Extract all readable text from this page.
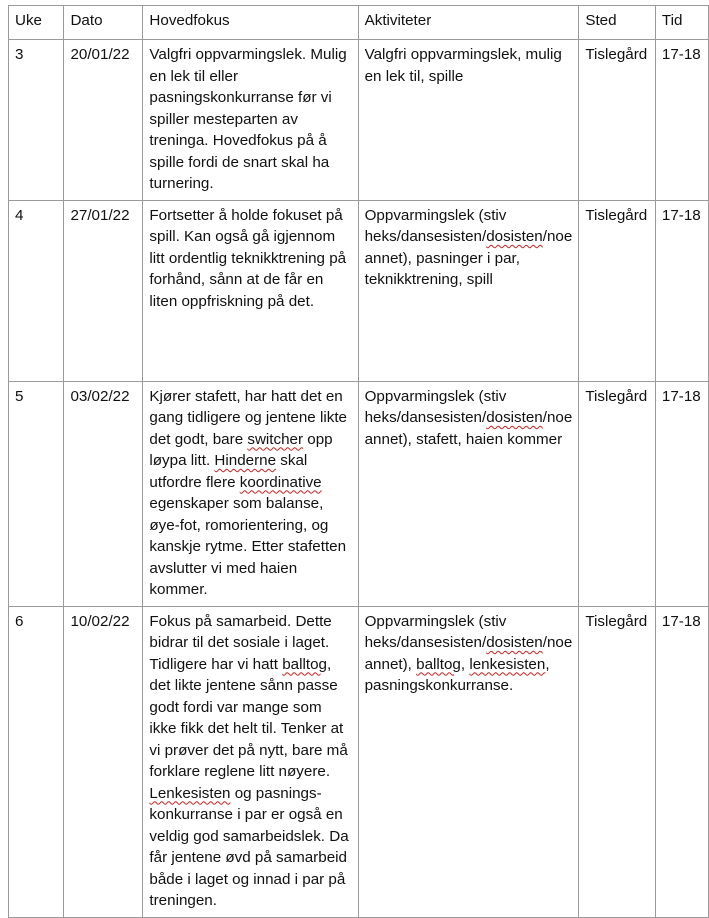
Uke	Dato	Hovedfokus	Aktiviteter	Sted	Tid
3	20/01/22	Valgfri oppvarmingslek. Mulig en lek til eller pasningskonkurranse før vi spiller mesteparten av treninga. Hovedfokus på å spille fordi de snart skal ha turnering.	Valgfri oppvarmingslek, mulig en lek til, spille	Tislegård	17-18
4	27/01/22	Fortsetter å holde fokuset på spill. Kan også gå igjennom litt ordentlig teknikktrening på forhånd, sånn at de får en liten oppfriskning på det.	Oppvarmingslek (stiv heks/dansesisten/dosisten/noe annet), pasninger i par, teknikktrening, spill	Tislegård	17-18
5	03/02/22	Kjører stafett, har hatt det en gang tidligere og jentene likte det godt, bare switcher opp løypa litt. Hinderne skal utfordre flere koordinative egenskaper som balanse, øye-fot, romorientering, og kanskje rytme. Etter stafetten avslutter vi med haien kommer.	Oppvarmingslek (stiv heks/dansesisten/dosisten/noe annet), stafett, haien kommer	Tislegård	17-18
6	10/02/22	Fokus på samarbeid. Dette bidrar til det sosiale i laget. Tidligere har vi hatt balltog, det likte jentene sånn passe godt fordi var mange som ikke fikk det helt til. Tenker at vi prøver det på nytt, bare må forklare reglene litt nøyere. Lenkesisten og pasnings-konkurranse i par er også en veldig god samarbeidslek. Da får jentene øvd på samarbeid både i laget og innad i par på treningen.	Oppvarmingslek (stiv heks/dansesisten/dosisten/noe annet), balltog, lenkesisten, pasningskonkurranse.	Tislegård	17-18
